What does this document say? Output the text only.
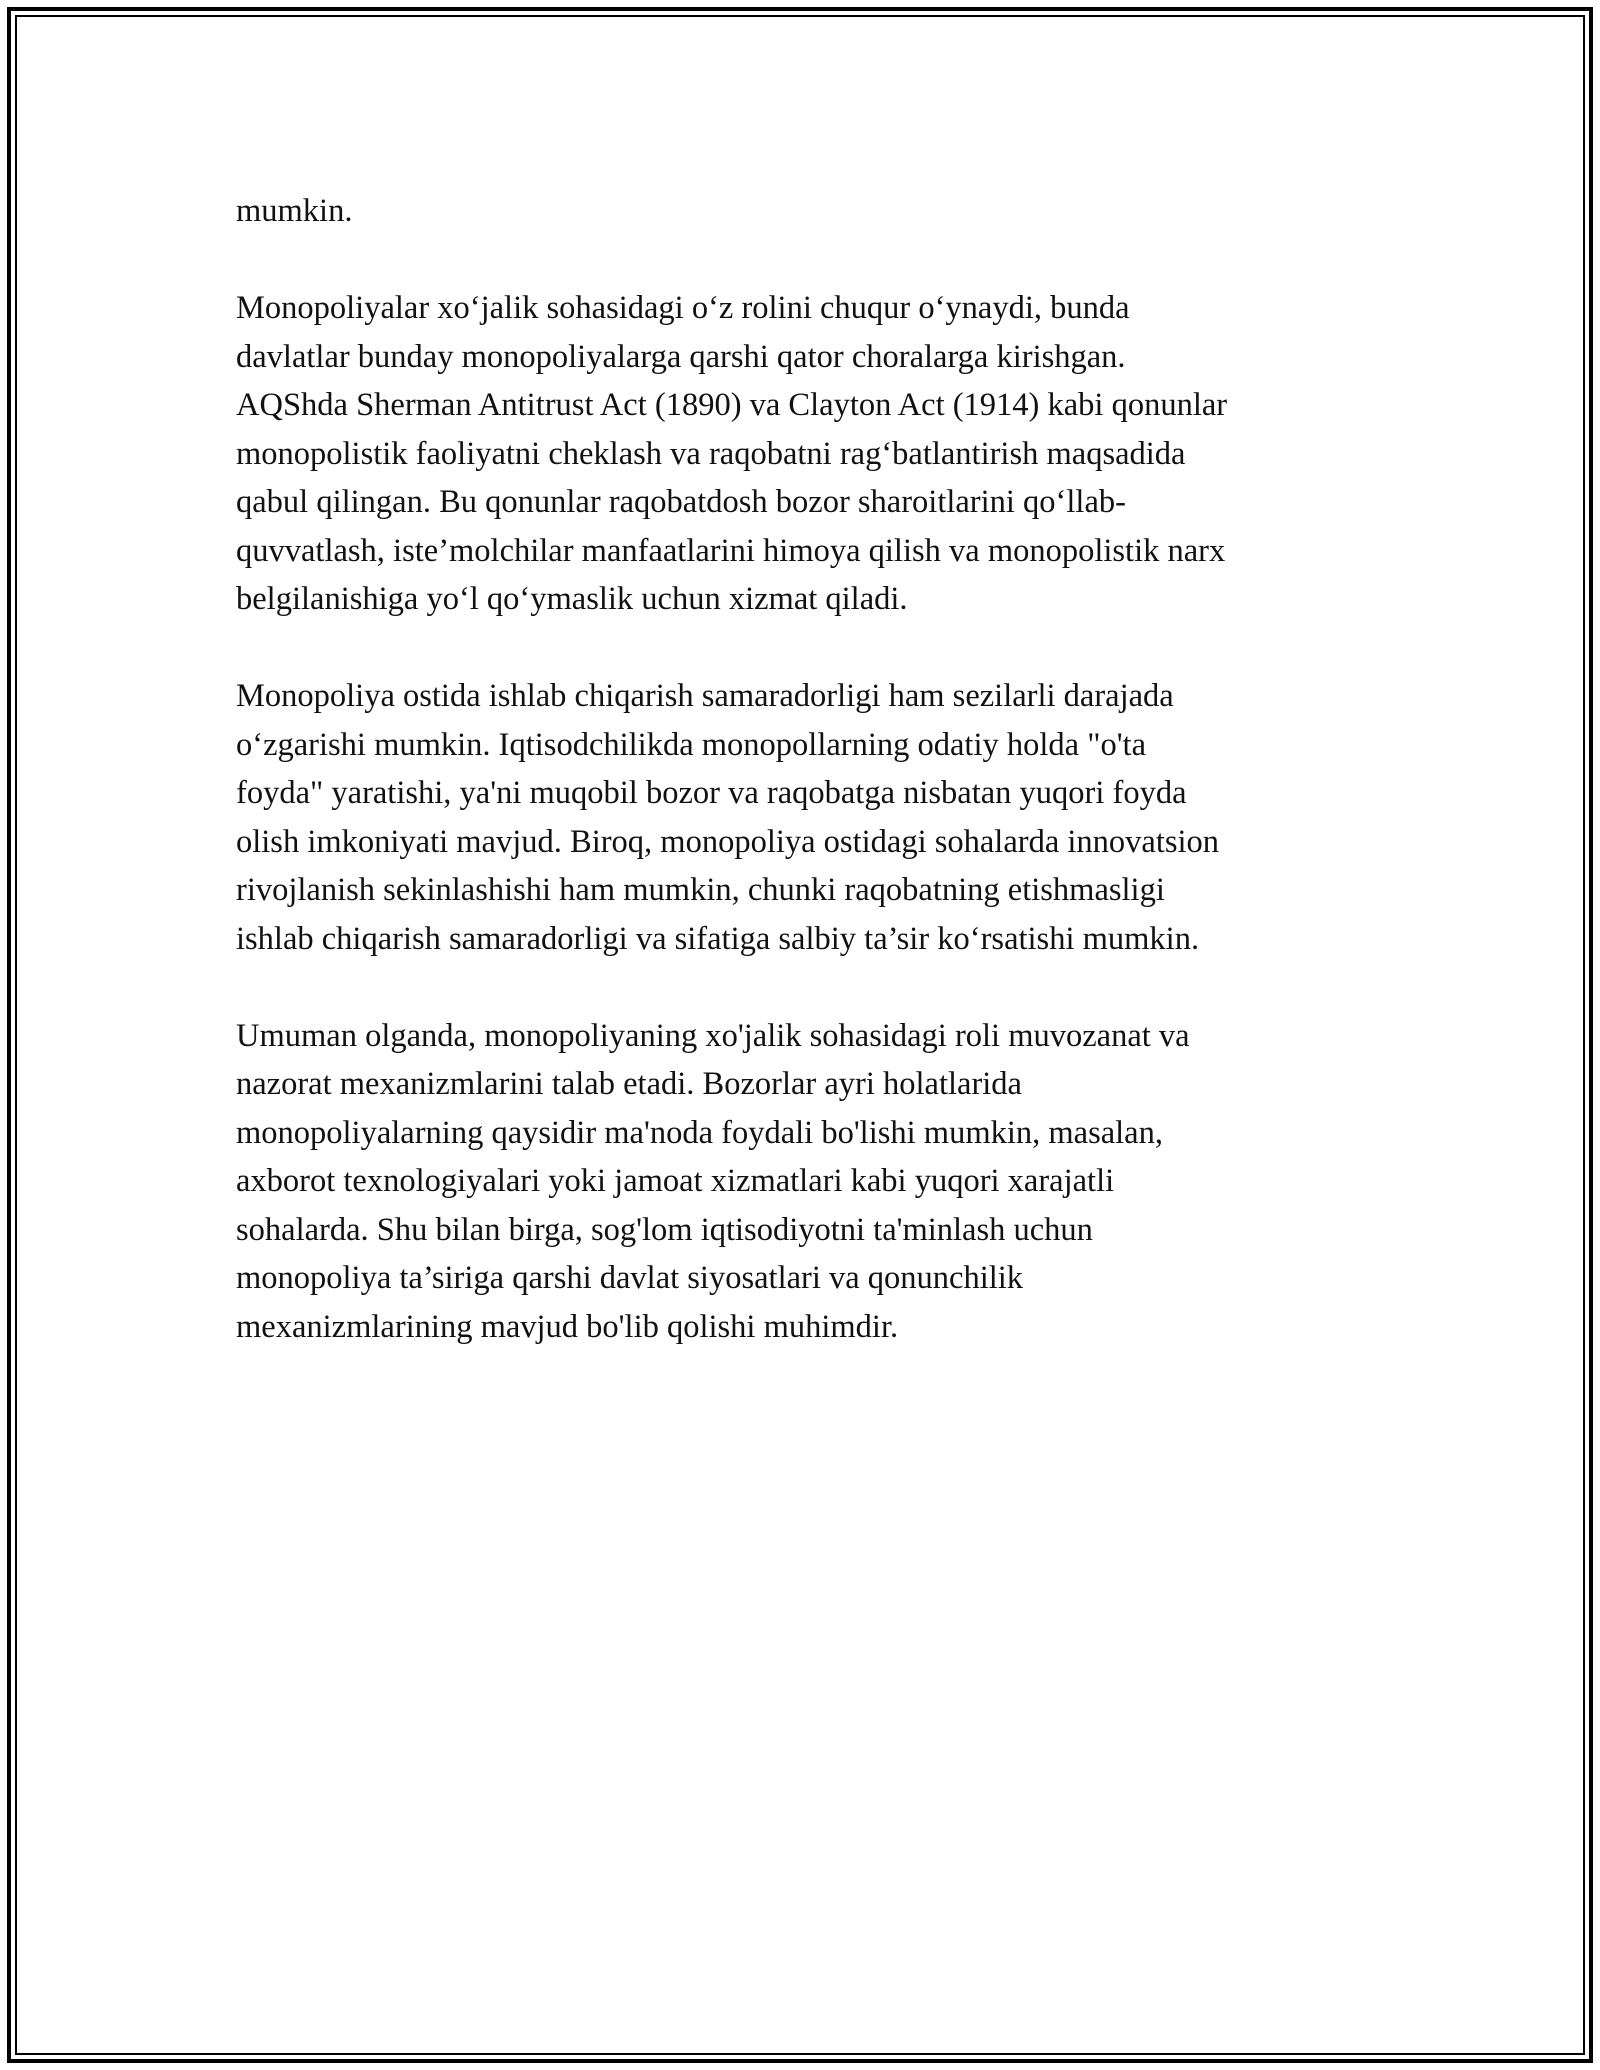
mumkin.

Monopoliyalar xo‘jalik sohasidagi o‘z rolini chuqur o‘ynaydi, bunda
davlatlar bunday monopoliyalarga qarshi qator choralarga kirishgan.
AQShda Sherman Antitrust Act (1890) va Clayton Act (1914) kabi qonunlar
monopolistik faoliyatni cheklash va raqobatni rag‘batlantirish maqsadida
qabul qilingan. Bu qonunlar raqobatdosh bozor sharoitlarini qo‘llab-
quvvatlash, iste’molchilar manfaatlarini himoya qilish va monopolistik narx
belgilanishiga yo‘l qo‘ymaslik uchun xizmat qiladi.

Monopoliya ostida ishlab chiqarish samaradorligi ham sezilarli darajada
o‘zgarishi mumkin. Iqtisodchilikda monopollarning odatiy holda "o'ta
foyda" yaratishi, ya'ni muqobil bozor va raqobatga nisbatan yuqori foyda
olish imkoniyati mavjud. Biroq, monopoliya ostidagi sohalarda innovatsion
rivojlanish sekinlashishi ham mumkin, chunki raqobatning etishmasligi
ishlab chiqarish samaradorligi va sifatiga salbiy ta’sir ko‘rsatishi mumkin.

Umuman olganda, monopoliyaning xo'jalik sohasidagi roli muvozanat va
nazorat mexanizmlarini talab etadi. Bozorlar ayri holatlarida
monopoliyalarning qaysidir ma'noda foydali bo'lishi mumkin, masalan,
axborot texnologiyalari yoki jamoat xizmatlari kabi yuqori xarajatli
sohalarda. Shu bilan birga, sog'lom iqtisodiyotni ta'minlash uchun
monopoliya ta’siriga qarshi davlat siyosatlari va qonunchilik
mexanizmlarining mavjud bo'lib qolishi muhimdir.
